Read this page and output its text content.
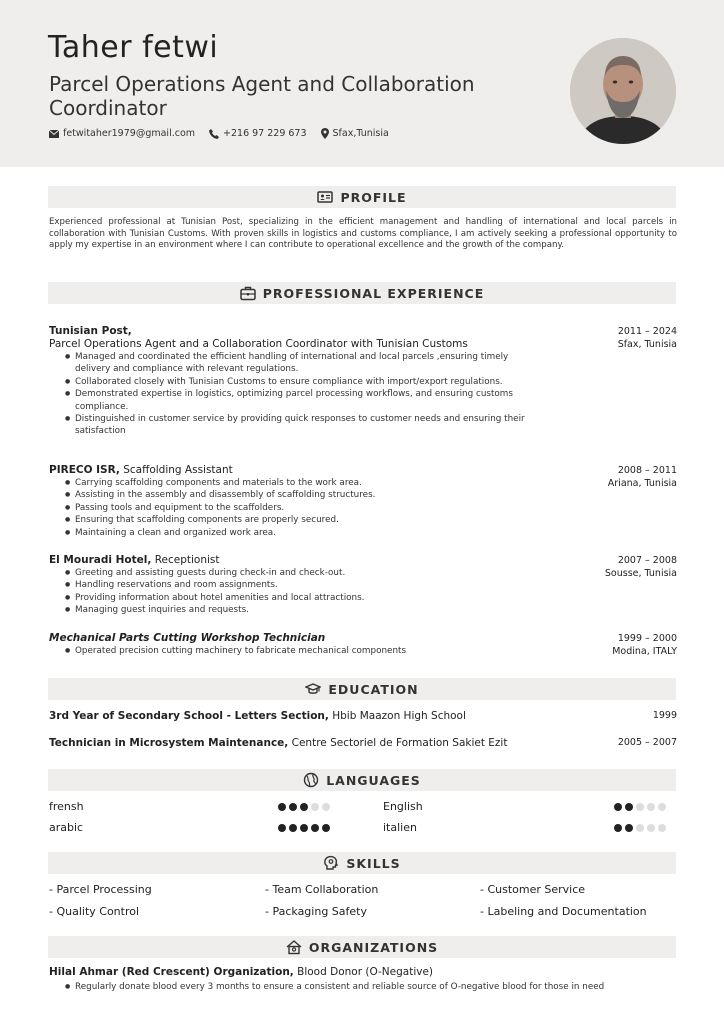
Taher fetwi
Parcel Operations Agent and Collaboration Coordinator
fetwitaher1979@gmail.com	+216 97 229 673	Sfax,Tunisia
PROFILE
Experienced professional at Tunisian Post, specializing in the efficient management and handling of international and local parcels in collaboration with Tunisian Customs. With proven skills in logistics and customs compliance, I am actively seeking a professional opportunity to apply my expertise in an environment where I can contribute to operational excellence and the growth of the company.
PROFESSIONAL EXPERIENCE
Tunisian Post,	2011 – 2024
Parcel Operations Agent and a Collaboration Coordinator with Tunisian Customs	Sfax, Tunisia
● Managed and coordinated the efficient handling of international and local parcels ,ensuring timely delivery and compliance with relevant regulations.
● Collaborated closely with Tunisian Customs to ensure compliance with import/export regulations.
● Demonstrated expertise in logistics, optimizing parcel processing workflows, and ensuring customs compliance.
● Distinguished in customer service by providing quick responses to customer needs and ensuring their satisfaction
PIRECO ISR, Scaffolding Assistant	2008 – 2011
Ariana, Tunisia
● Carrying scaffolding components and materials to the work area.
● Assisting in the assembly and disassembly of scaffolding structures.
● Passing tools and equipment to the scaffolders.
● Ensuring that scaffolding components are properly secured.
● Maintaining a clean and organized work area.
El Mouradi Hotel, Receptionist	2007 – 2008
Sousse, Tunisia
● Greeting and assisting guests during check-in and check-out.
● Handling reservations and room assignments.
● Providing information about hotel amenities and local attractions.
● Managing guest inquiries and requests.
Mechanical Parts Cutting Workshop Technician	1999 – 2000
Modina, ITALY
● Operated precision cutting machinery to fabricate mechanical components
EDUCATION
3rd Year of Secondary School - Letters Section, Hbib Maazon High School	1999
Technician in Microsystem Maintenance, Centre Sectoriel de Formation Sakiet Ezit	2005 – 2007
LANGUAGES
frensh	English
arabic	italien
SKILLS
- Parcel Processing	- Team Collaboration	- Customer Service
- Quality Control	- Packaging Safety	- Labeling and Documentation
ORGANIZATIONS
Hilal Ahmar (Red Crescent) Organization, Blood Donor (O-Negative)
● Regularly donate blood every 3 months to ensure a consistent and reliable source of O-negative blood for those in need
